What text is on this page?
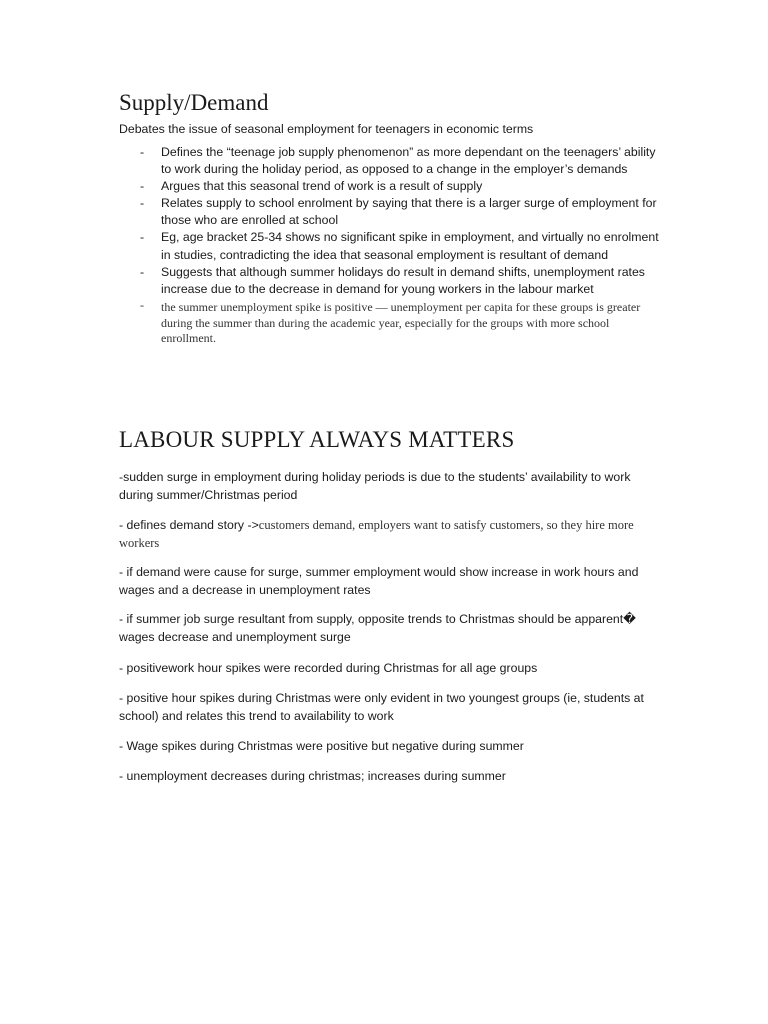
Supply/Demand
Debates the issue of seasonal employment for teenagers in economic terms
- Defines the “teenage job supply phenomenon” as more dependant on the teenagers’ ability to work during the holiday period, as opposed to a change in the employer’s demands
- Argues that this seasonal trend of work is a result of supply
- Relates supply to school enrolment by saying that there is a larger surge of employment for those who are enrolled at school
- Eg, age bracket 25-34 shows no significant spike in employment, and virtually no enrolment in studies, contradicting the idea that seasonal employment is resultant of demand
- Suggests that although summer holidays do result in demand shifts, unemployment rates increase due to the decrease in demand for young workers in the labour market
- the summer unemployment spike is positive — unemployment per capita for these groups is greater during the summer than during the academic year, especially for the groups with more school enrollment.
LABOUR SUPPLY ALWAYS MATTERS

-sudden surge in employment during holiday periods is due to the students’ availability to work during summer/Christmas period

- defines demand story ->customers demand, employers want to satisfy customers, so they hire more workers

- if demand were cause for surge, summer employment would show increase in work hours and wages and a decrease in unemployment rates

- if summer job surge resultant from supply, opposite trends to Christmas should be apparent� wages decrease and unemployment surge

- positivework hour spikes were recorded during Christmas for all age groups

- positive hour spikes during Christmas were only evident in two youngest groups (ie, students at school) and relates this trend to availability to work

- Wage spikes during Christmas were positive but negative during summer

- unemployment decreases during christmas; increases during summer
